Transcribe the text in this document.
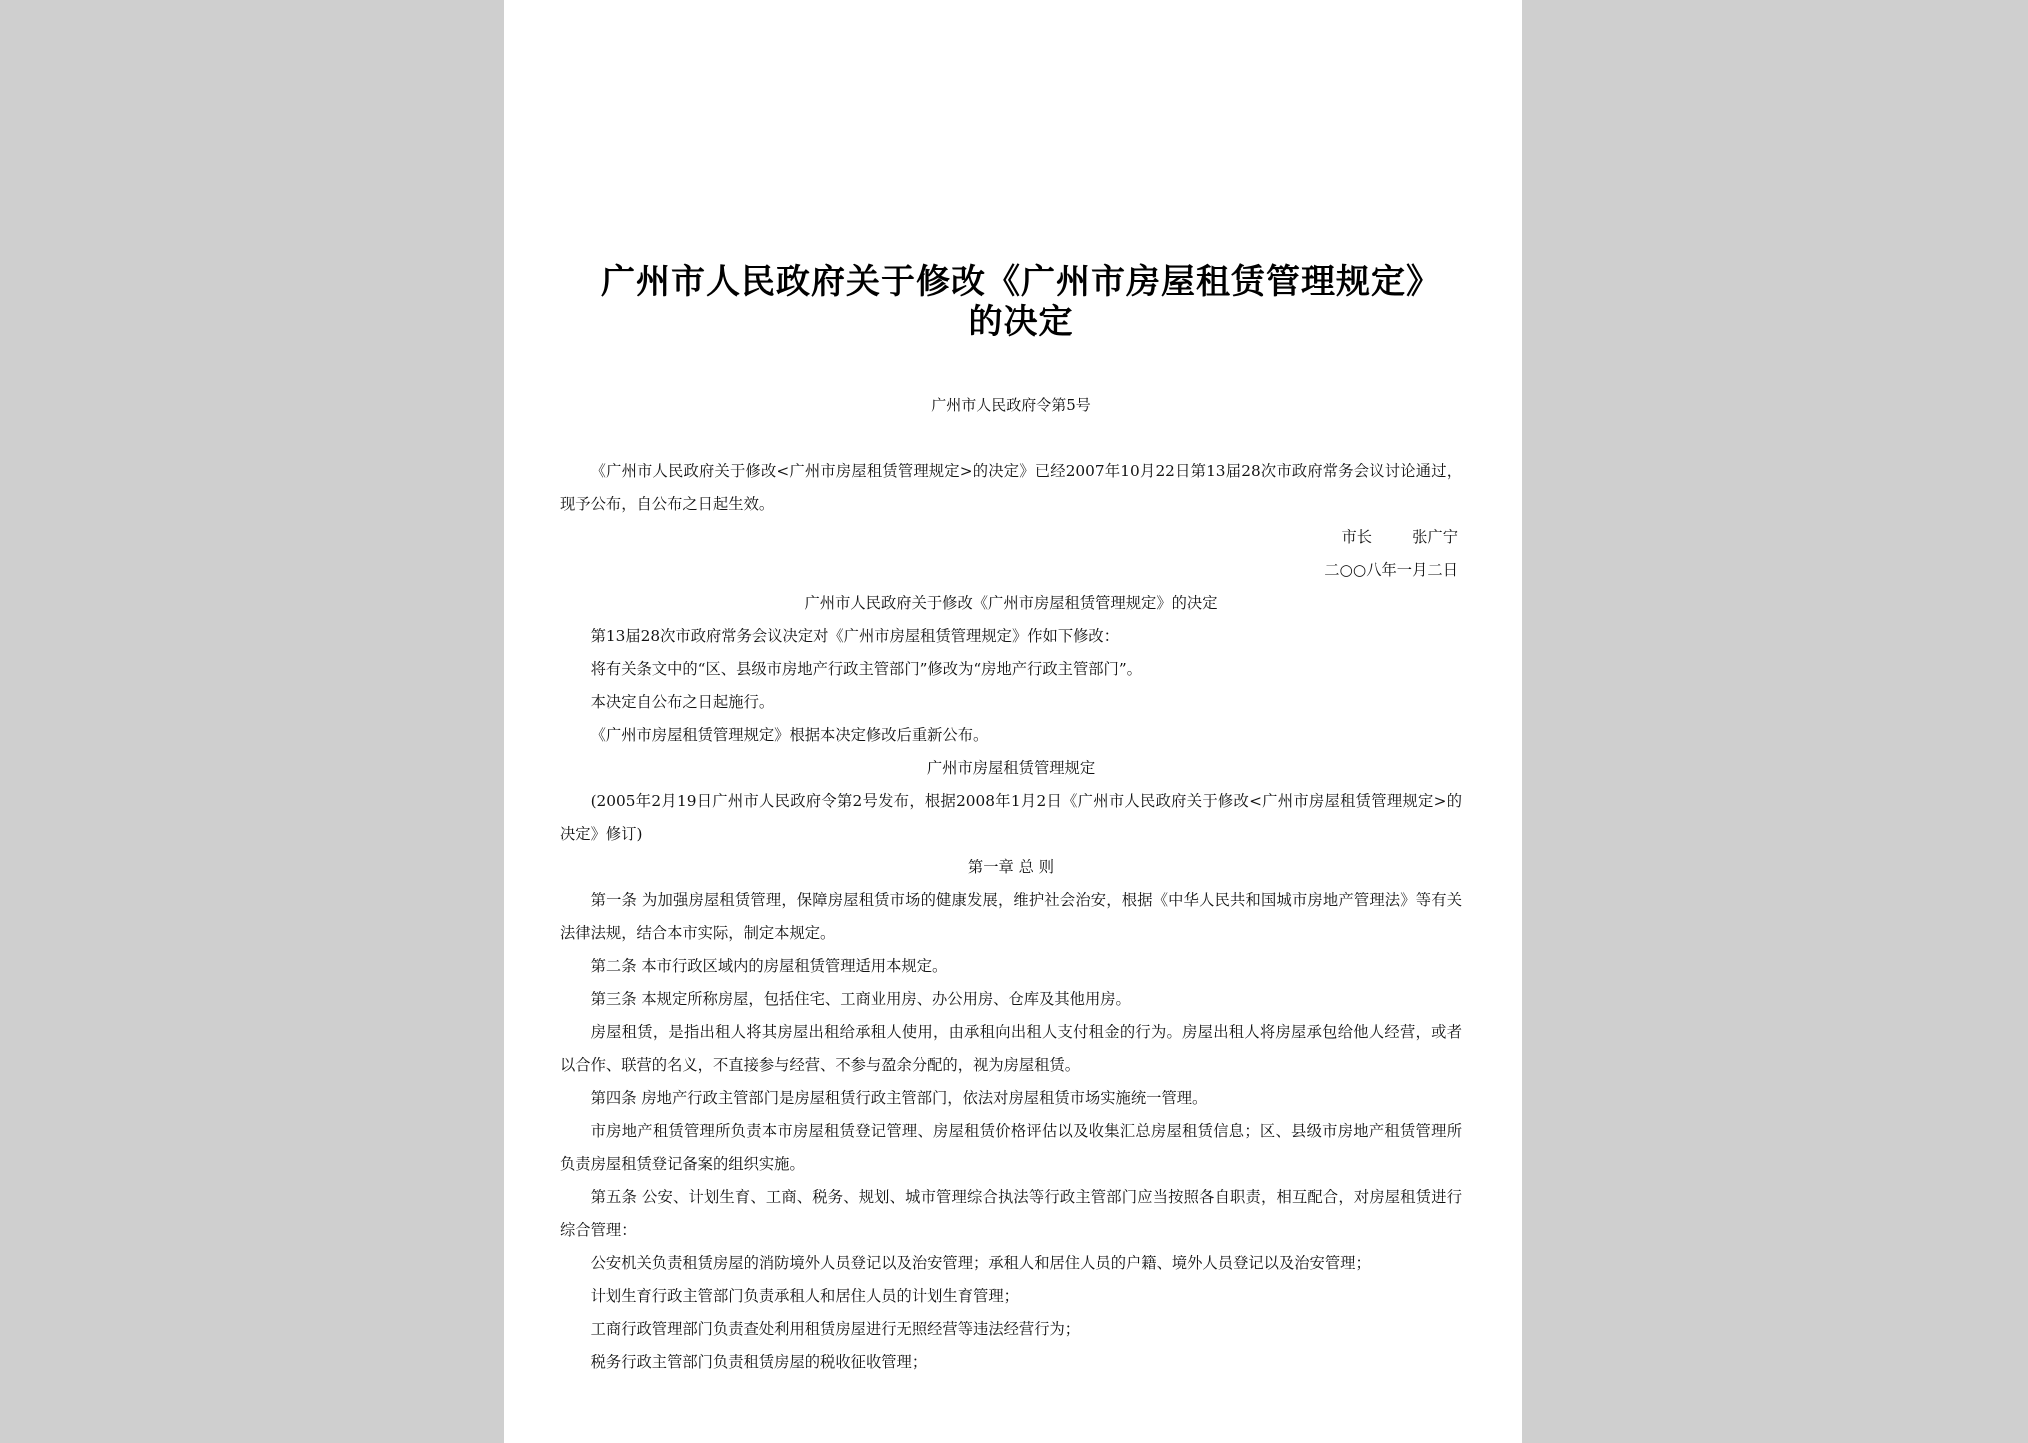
广州市人民政府关于修改《广州市房屋租赁管理规定》的决定
广州市人民政府令第5号

《广州市人民政府关于修改<广州市房屋租赁管理规定>的决定》已经2007年10月22日第13届28次市政府常务会议讨论通过，现予公布，自公布之日起生效。

市长	张广宁

二○○八年一月二日

广州市人民政府关于修改《广州市房屋租赁管理规定》的决定

第13届28次市政府常务会议决定对《广州市房屋租赁管理规定》作如下修改：

将有关条文中的“区、县级市房地产行政主管部门”修改为“房地产行政主管部门”。

本决定自公布之日起施行。

《广州市房屋租赁管理规定》根据本决定修改后重新公布。

广州市房屋租赁管理规定

(2005年2月19日广州市人民政府令第2号发布，根据2008年1月2日《广州市人民政府关于修改<广州市房屋租赁管理规定>的决定》修订)

第一章 总 则

第一条 为加强房屋租赁管理，保障房屋租赁市场的健康发展，维护社会治安，根据《中华人民共和国城市房地产管理法》等有关法律法规，结合本市实际，制定本规定。

第二条 本市行政区域内的房屋租赁管理适用本规定。

第三条 本规定所称房屋，包括住宅、工商业用房、办公用房、仓库及其他用房。

房屋租赁，是指出租人将其房屋出租给承租人使用，由承租向出租人支付租金的行为。房屋出租人将房屋承包给他人经营，或者以合作、联营的名义，不直接参与经营、不参与盈余分配的，视为房屋租赁。

第四条 房地产行政主管部门是房屋租赁行政主管部门，依法对房屋租赁市场实施统一管理。

市房地产租赁管理所负责本市房屋租赁登记管理、房屋租赁价格评估以及收集汇总房屋租赁信息；区、县级市房地产租赁管理所负责房屋租赁登记备案的组织实施。

第五条 公安、计划生育、工商、税务、规划、城市管理综合执法等行政主管部门应当按照各自职责，相互配合，对房屋租赁进行综合管理：

公安机关负责租赁房屋的消防境外人员登记以及治安管理；承租人和居住人员的户籍、境外人员登记以及治安管理；

计划生育行政主管部门负责承租人和居住人员的计划生育管理；

工商行政管理部门负责查处利用租赁房屋进行无照经营等违法经营行为；

税务行政主管部门负责租赁房屋的税收征收管理；
